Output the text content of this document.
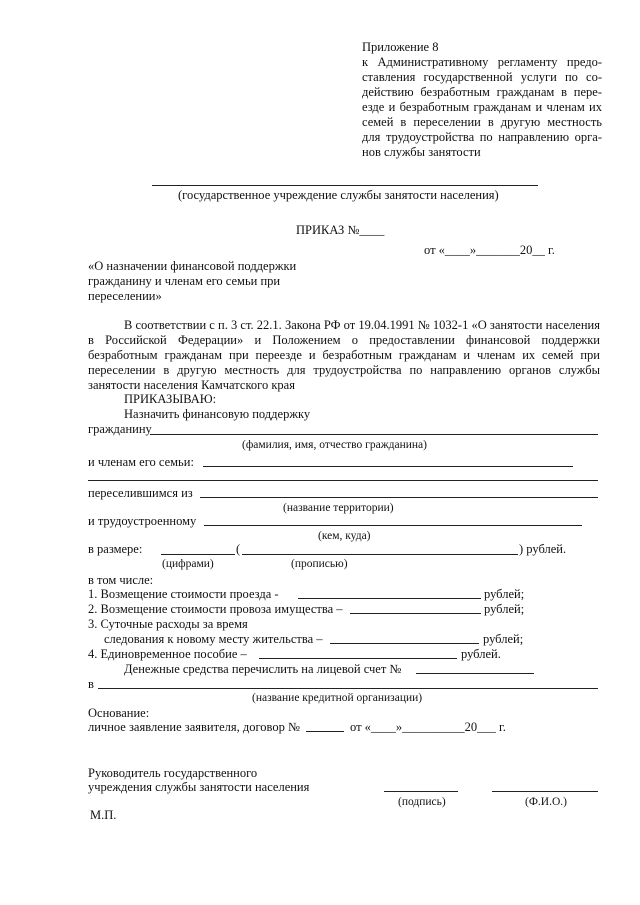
Приложение 8
к Административному регламенту предо-
ставления государственной услуги по со-
действию безработным гражданам в пере-
езде и безработным гражданам и членам их
семей в переселении в другую местность
для трудоустройства по направлению орга-
нов службы занятости
(государственное учреждение службы занятости населения)
ПРИКАЗ №____
от «____»_______20__ г.
«О назначении финансовой поддержки
гражданину и членам его семьи при
переселении»
В соответствии с п. 3 ст. 22.1. Закона РФ от 19.04.1991 № 1032-1 «О занятости населения в Российской Федерации» и Положением о предоставлении финансовой поддержки безработным гражданам при переезде и безработным гражданам и членам их семей при переселении в другую местность для трудоустройства по направлению органов службы занятости населения Камчатского края
ПРИКАЗЫВАЮ:
Назначить финансовую поддержку
гражданину
(фамилия, имя, отчество гражданина)
и членам его семьи:
переселившимся из
(название территории)
и трудоустроенному
(кем, куда)
в размере:	(	) рублей.
(цифрами)	(прописью)
в том числе:
1. Возмещение стоимости проезда -	рублей;
2. Возмещение стоимости провоза имущества –	рублей;
3. Суточные расходы за время
следования к новому месту жительства –	рублей;
4. Единовременное пособие –	рублей.
Денежные средства перечислить на лицевой счет №
в
(название кредитной организации)
Основание:
личное заявление заявителя, договор №	от «____»__________20___ г.
Руководитель государственного
учреждения службы занятости населения
(подпись)	(Ф.И.О.)
М.П.
